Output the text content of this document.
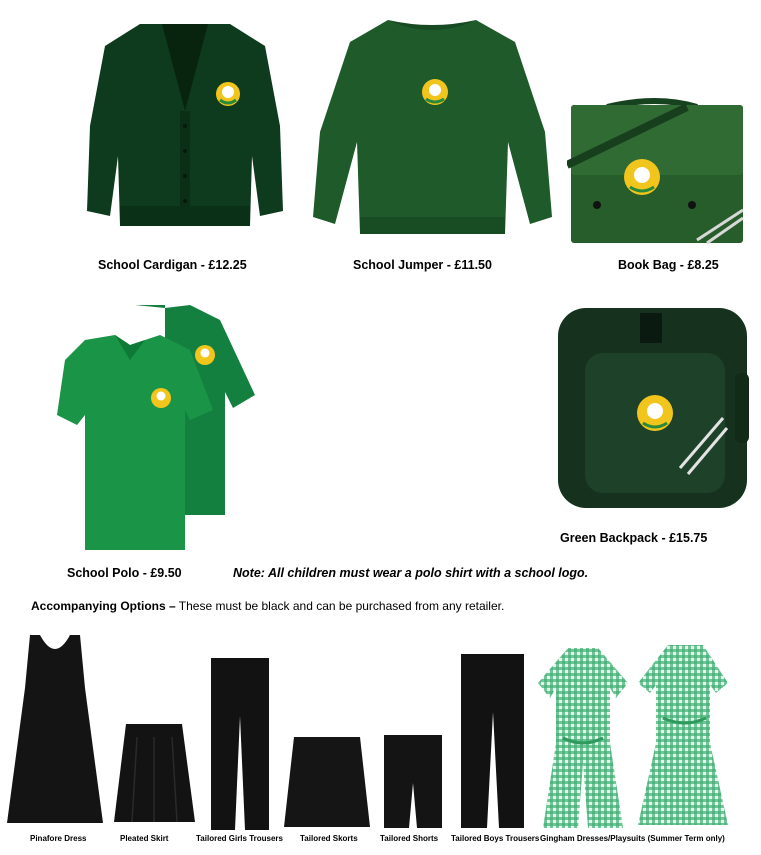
School Cardigan - £12.25	School Jumper - £11.50	Book Bag - £8.25
School Polo - £9.50	Note: All children must wear a polo shirt with a school logo.
Green Backpack - £15.75
Accompanying Options – These must be black and can be purchased from any retailer.
Pinafore Dress	Pleated Skirt	Tailored Girls Trousers Tailored Skorts	Tailored Shorts Tailored Boys Trousers Gingham Dresses/Playsuits (Summer Term only)
